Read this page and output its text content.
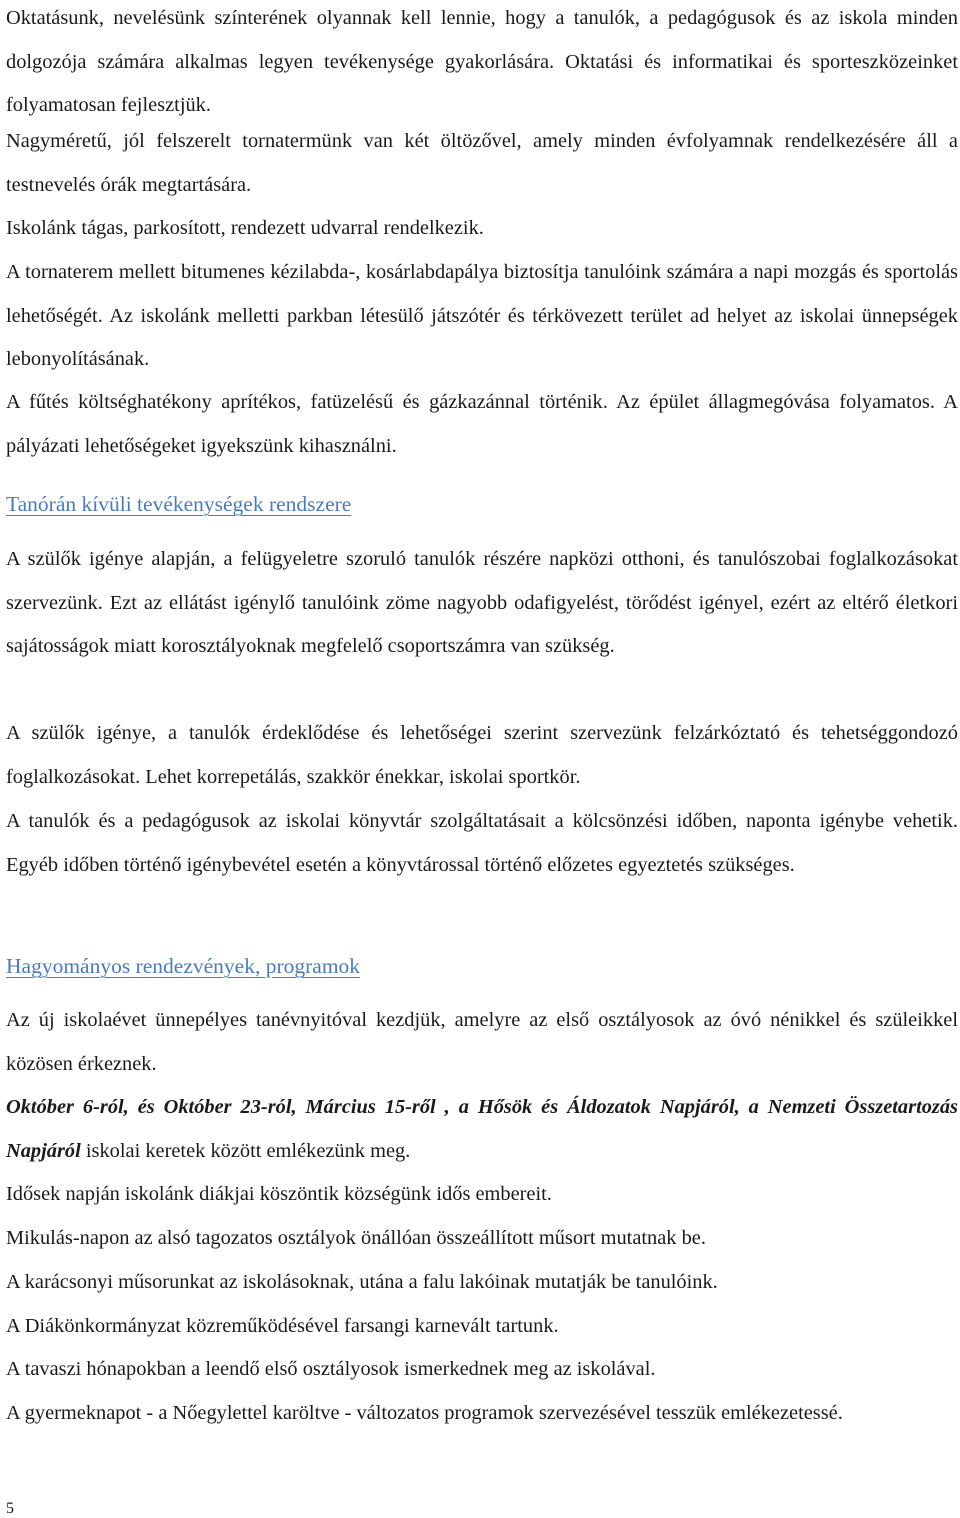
Oktatásunk, nevelésünk színterének olyannak kell lennie, hogy a tanulók, a pedagógusok és az iskola minden dolgozója számára alkalmas legyen tevékenysége gyakorlására. Oktatási és informatikai és sporteszközeinket folyamatosan fejlesztjük.

Nagyméretű, jól felszerelt tornatermünk van két öltözővel, amely minden évfolyamnak rendelkezésére áll a testnevelés órák megtartására.

Iskolánk tágas, parkosított, rendezett udvarral rendelkezik.

A tornaterem mellett bitumenes kézilabda-, kosárlabdapálya biztosítja tanulóink számára a napi mozgás és sportolás lehetőségét. Az iskolánk melletti parkban létesülő játszótér és térkövezett terület ad helyet az iskolai ünnepségek lebonyolításának.

A fűtés költséghatékony aprítékos, fatüzelésű és gázkazánnal történik. Az épület állagmegóvása folyamatos. A pályázati lehetőségeket igyekszünk kihasználni.

Tanórán kívüli tevékenységek rendszere

A szülők igénye alapján, a felügyeletre szoruló tanulók részére napközi otthoni, és tanulószobai foglalkozásokat szervezünk. Ezt az ellátást igénylő tanulóink zöme nagyobb odafigyelést, törődést igényel, ezért az eltérő életkori sajátosságok miatt korosztályoknak megfelelő csoportszámra van szükség.

A szülők igénye, a tanulók érdeklődése és lehetőségei szerint szervezünk felzárkóztató és tehetséggondozó foglalkozásokat. Lehet korrepetálás, szakkör énekkar, iskolai sportkör.

A tanulók és a pedagógusok az iskolai könyvtár szolgáltatásait a kölcsönzési időben, naponta igénybe vehetik. Egyéb időben történő igénybevétel esetén a könyvtárossal történő előzetes egyeztetés szükséges.

Hagyományos rendezvények, programok

Az új iskolaévet ünnepélyes tanévnyitóval kezdjük, amelyre az első osztályosok az óvó nénikkel és szüleikkel közösen érkeznek.

Október 6-ról, és Október 23-ról, Március 15-ről , a Hősök és Áldozatok Napjáról, a Nemzeti Összetartozás Napjáról iskolai keretek között emlékezünk meg.

Idősek napján iskolánk diákjai köszöntik községünk idős embereit.

Mikulás-napon az alsó tagozatos osztályok önállóan összeállított műsort mutatnak be.

A karácsonyi műsorunkat az iskolásoknak, utána a falu lakóinak mutatják be tanulóink.

A Diákönkormányzat közreműködésével farsangi karnevált tartunk.

A tavaszi hónapokban a leendő első osztályosok ismerkednek meg az iskolával.

A gyermeknapot - a Nőegylettel karöltve - változatos programok szervezésével tesszük emlékezetessé.

5
